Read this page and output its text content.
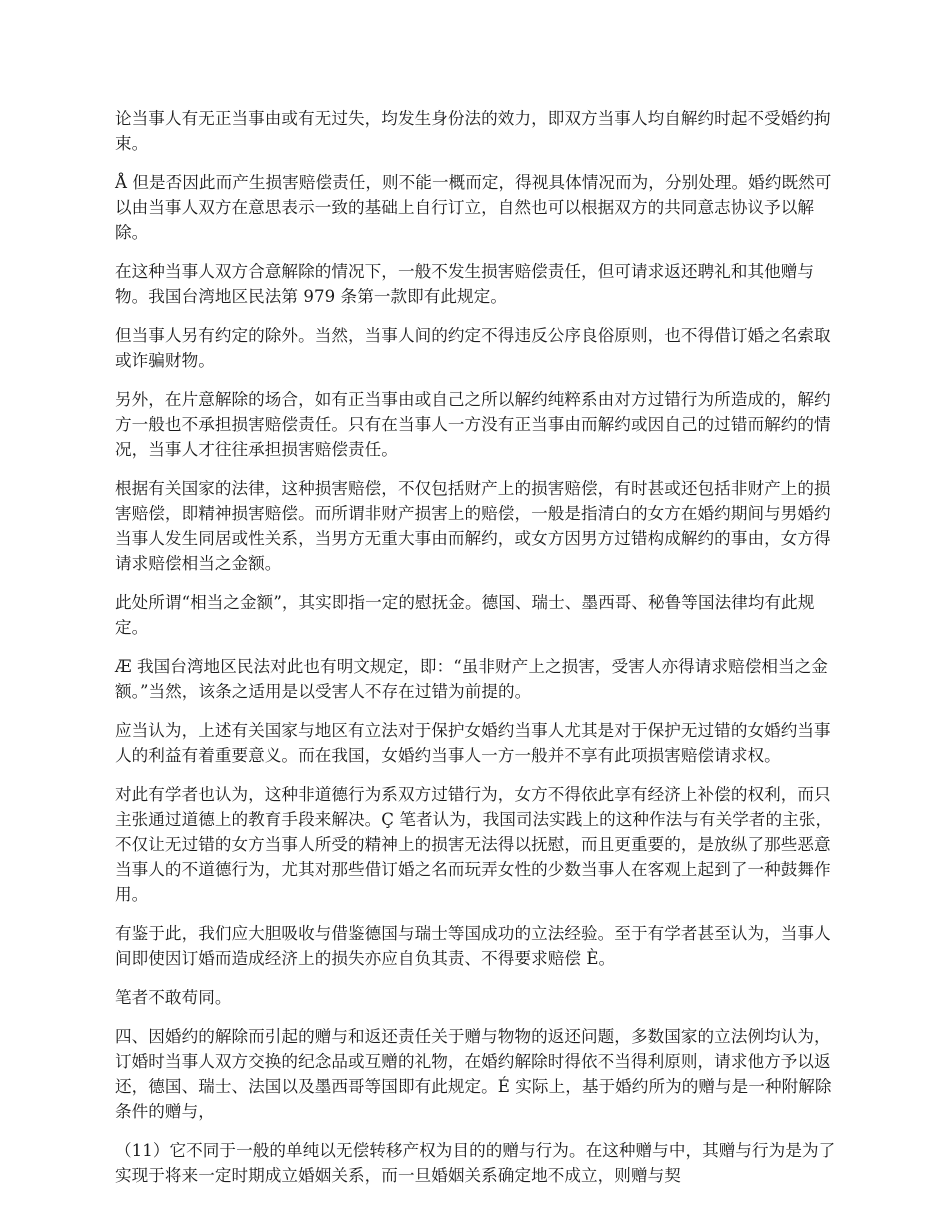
论当事人有无正当事由或有无过失，均发生身份法的效力，即双方当事人均自解约时起不受婚约拘束。

Å 但是否因此而产生损害赔偿责任，则不能一概而定，得视具体情况而为，分别处理。婚约既然可以由当事人双方在意思表示一致的基础上自行订立，自然也可以根据双方的共同意志协议予以解除。

在这种当事人双方合意解除的情况下，一般不发生损害赔偿责任，但可请求返还聘礼和其他赠与物。我国台湾地区民法第 979 条第一款即有此规定。

但当事人另有约定的除外。当然，当事人间的约定不得违反公序良俗原则，也不得借订婚之名索取或诈骗财物。

另外，在片意解除的场合，如有正当事由或自己之所以解约纯粹系由对方过错行为所造成的，解约方一般也不承担损害赔偿责任。只有在当事人一方没有正当事由而解约或因自己的过错而解约的情况，当事人才往往承担损害赔偿责任。

根据有关国家的法律，这种损害赔偿，不仅包括财产上的损害赔偿，有时甚或还包括非财产上的损害赔偿，即精神损害赔偿。而所谓非财产损害上的赔偿，一般是指清白的女方在婚约期间与男婚约当事人发生同居或性关系，当男方无重大事由而解约，或女方因男方过错构成解约的事由，女方得请求赔偿相当之金额。

此处所谓“相当之金额”，其实即指一定的慰抚金。德国、瑞士、墨西哥、秘鲁等国法律均有此规定。

Æ 我国台湾地区民法对此也有明文规定，即：“虽非财产上之损害，受害人亦得请求赔偿相当之金额。”当然，该条之适用是以受害人不存在过错为前提的。

应当认为，上述有关国家与地区有立法对于保护女婚约当事人尤其是对于保护无过错的女婚约当事人的利益有着重要意义。而在我国，女婚约当事人一方一般并不享有此项损害赔偿请求权。

对此有学者也认为，这种非道德行为系双方过错行为，女方不得依此享有经济上补偿的权利，而只主张通过道德上的教育手段来解决。Ç 笔者认为，我国司法实践上的这种作法与有关学者的主张，不仅让无过错的女方当事人所受的精神上的损害无法得以抚慰，而且更重要的，是放纵了那些恶意当事人的不道德行为，尤其对那些借订婚之名而玩弄女性的少数当事人在客观上起到了一种鼓舞作用。

有鉴于此，我们应大胆吸收与借鉴德国与瑞士等国成功的立法经验。至于有学者甚至认为，当事人间即使因订婚而造成经济上的损失亦应自负其责、不得要求赔偿 È。

笔者不敢苟同。

四、因婚约的解除而引起的赠与和返还责任关于赠与物物的返还问题，多数国家的立法例均认为，订婚时当事人双方交换的纪念品或互赠的礼物，在婚约解除时得依不当得利原则，请求他方予以返还，德国、瑞士、法国以及墨西哥等国即有此规定。É 实际上，基于婚约所为的赠与是一种附解除条件的赠与，

（11）它不同于一般的单纯以无偿转移产权为目的的赠与行为。在这种赠与中，其赠与行为是为了实现于将来一定时期成立婚姻关系，而一旦婚姻关系确定地不成立，则赠与契
